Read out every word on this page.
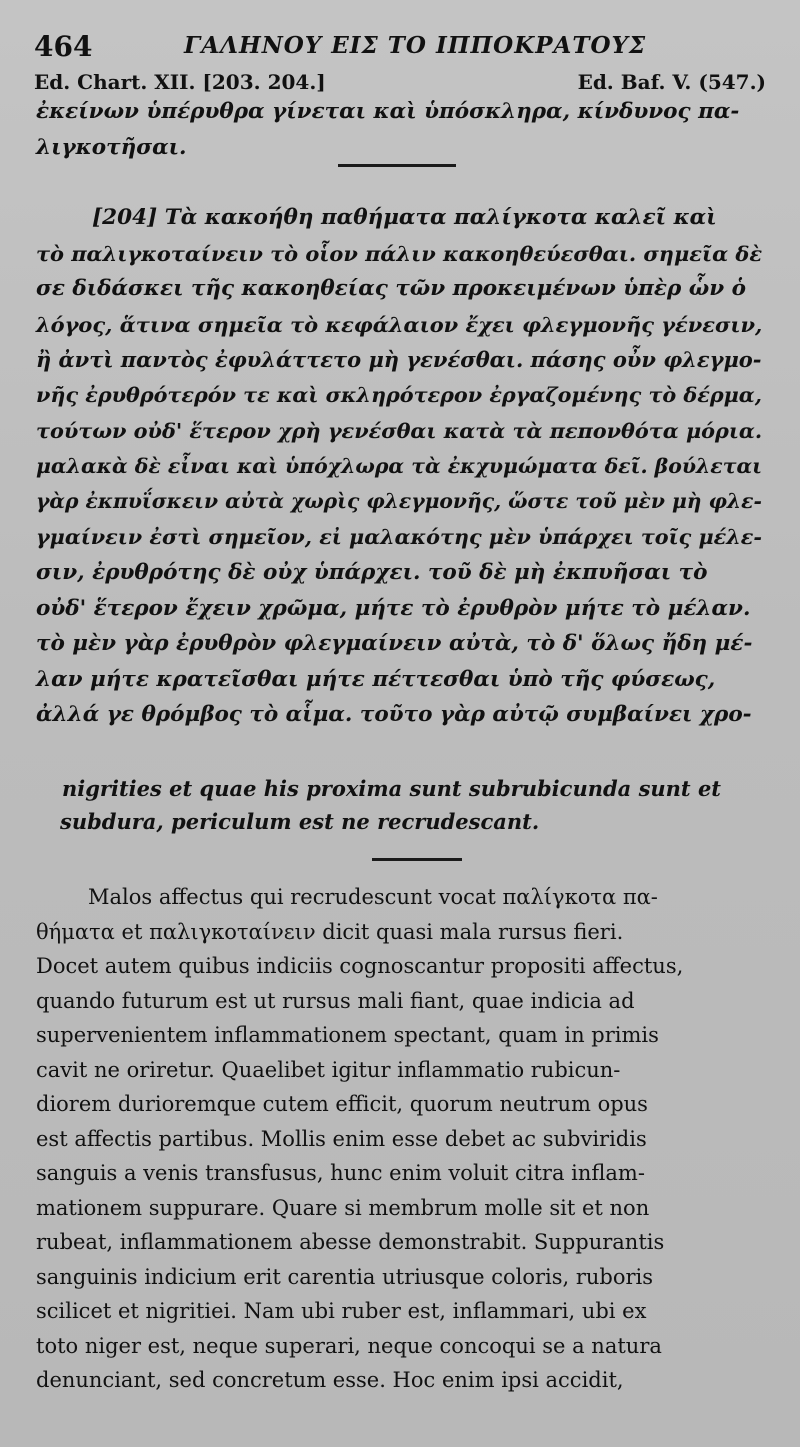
464	ΓΑΛΗΝΟΥ ΕΙΣ ΤΟ ΙΠΠΟΚΡΑΤΟΥΣ
Ed. Chart. XII. [203. 204.]	Ed. Baf. V. (547.)
ἐκείνων ὑπέρυθρα γίνεται καὶ ὑπόσκληρα, κίνδυνος πα-
λιγκοτῆσαι.
[204] Τὰ κακοήθη παθήματα παλίγκοτα καλεῖ καὶ
τὸ παλιγκοταίνειν τὸ οἷον πάλιν κακοηθεύεσθαι. σημεῖα δὲ
σε διδάσκει τῆς κακοηθείας τῶν προκειμένων ὑπὲρ ὧν ὁ
λόγος, ἅτινα σημεῖα τὸ κεφάλαιον ἔχει φλεγμονῆς γένεσιν,
ἢ ἀντὶ παντὸς ἐφυλάττετο μὴ γενέσθαι. πάσης οὖν φλεγμο-
νῆς ἐρυθρότερόν τε καὶ σκληρότερον ἐργαζομένης τὸ δέρμα,
τούτων οὐδ' ἕτερον χρὴ γενέσθαι κατὰ τὰ πεπονθότα μόρια.
μαλακὰ δὲ εἶναι καὶ ὑπόχλωρα τὰ ἐκχυμώματα δεῖ. βούλεται
γὰρ ἐκπυΐσκειν αὐτὰ χωρὶς φλεγμονῆς, ὥστε τοῦ μὲν μὴ φλε-
γμαίνειν ἐστὶ σημεῖον, εἰ μαλακότης μὲν ὑπάρχει τοῖς μέλε-
σιν, ἐρυθρότης δὲ οὐχ ὑπάρχει. τοῦ δὲ μὴ ἐκπυῆσαι τὸ
οὐδ' ἕτερον ἔχειν χρῶμα, μήτε τὸ ἐρυθρὸν μήτε τὸ μέλαν.
τὸ μὲν γὰρ ἐρυθρὸν φλεγμαίνειν αὐτὰ, τὸ δ' ὅλως ἤδη μέ-
λαν μήτε κρατεῖσθαι μήτε πέττεσθαι ὑπὸ τῆς φύσεως,
ἀλλά γε θρόμβος τὸ αἷμα. τοῦτο γὰρ αὐτῷ συμβαίνει χρο-
nigrities et quae his proxima sunt subrubicunda sunt et
subdura, periculum est ne recrudescant.
Malos affectus qui recrudescunt vocat παλίγκοτα πα-
θήματα et παλιγκοταίνειν dicit quasi mala rursus fieri.
Docet autem quibus indiciis cognoscantur propositi affectus,
quando futurum est ut rursus mali fiant, quae indicia ad
supervenientem inflammationem spectant, quam in primis
cavit ne oriretur. Quaelibet igitur inflammatio rubicun-
diorem durioremque cutem efficit, quorum neutrum opus
est affectis partibus. Mollis enim esse debet ac subviridis
sanguis a venis transfusus, hunc enim voluit citra inflam-
mationem suppurare. Quare si membrum molle sit et non
rubeat, inflammationem abesse demonstrabit. Suppurantis
sanguinis indicium erit carentia utriusque coloris, ruboris
scilicet et nigritiei. Nam ubi ruber est, inflammari, ubi ex
toto niger est, neque superari, neque concoqui se a natura
denunciant, sed concretum esse. Hoc enim ipsi accidit,
